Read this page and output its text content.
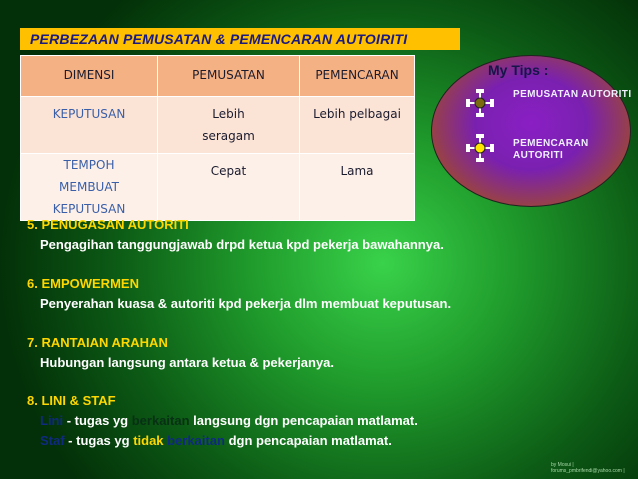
PERBEZAAN PEMUSATAN & PEMENCARAN AUTOIRITI
DIMENSI	PEMUSATAN	PEMENCARAN
KEPUTUSAN	Lebih seragam	Lebih pelbagai
TEMPOH MEMBUAT KEPUTUSAN	Cepat	Lama
My Tips :
PEMUSATAN AUTORITI
PEMENCARAN AUTORITI
5. PENUGASAN AUTORITI
Pengagihan tanggungjawab drpd ketua kpd pekerja bawahannya.
6. EMPOWERMEN
Penyerahan kuasa & autoriti kpd pekerja dlm membuat keputusan.
7. RANTAIAN ARAHAN
Hubungan langsung antara ketua & pekerjanya.
8. LINI & STAF
Lini - tugas yg berkaitan langsung dgn pencapaian matlamat.
Staf - tugas yg tidak berkaitan dgn pencapaian matlamat.
by Mosui | forums_pmbrifendi@yahoo.com |
